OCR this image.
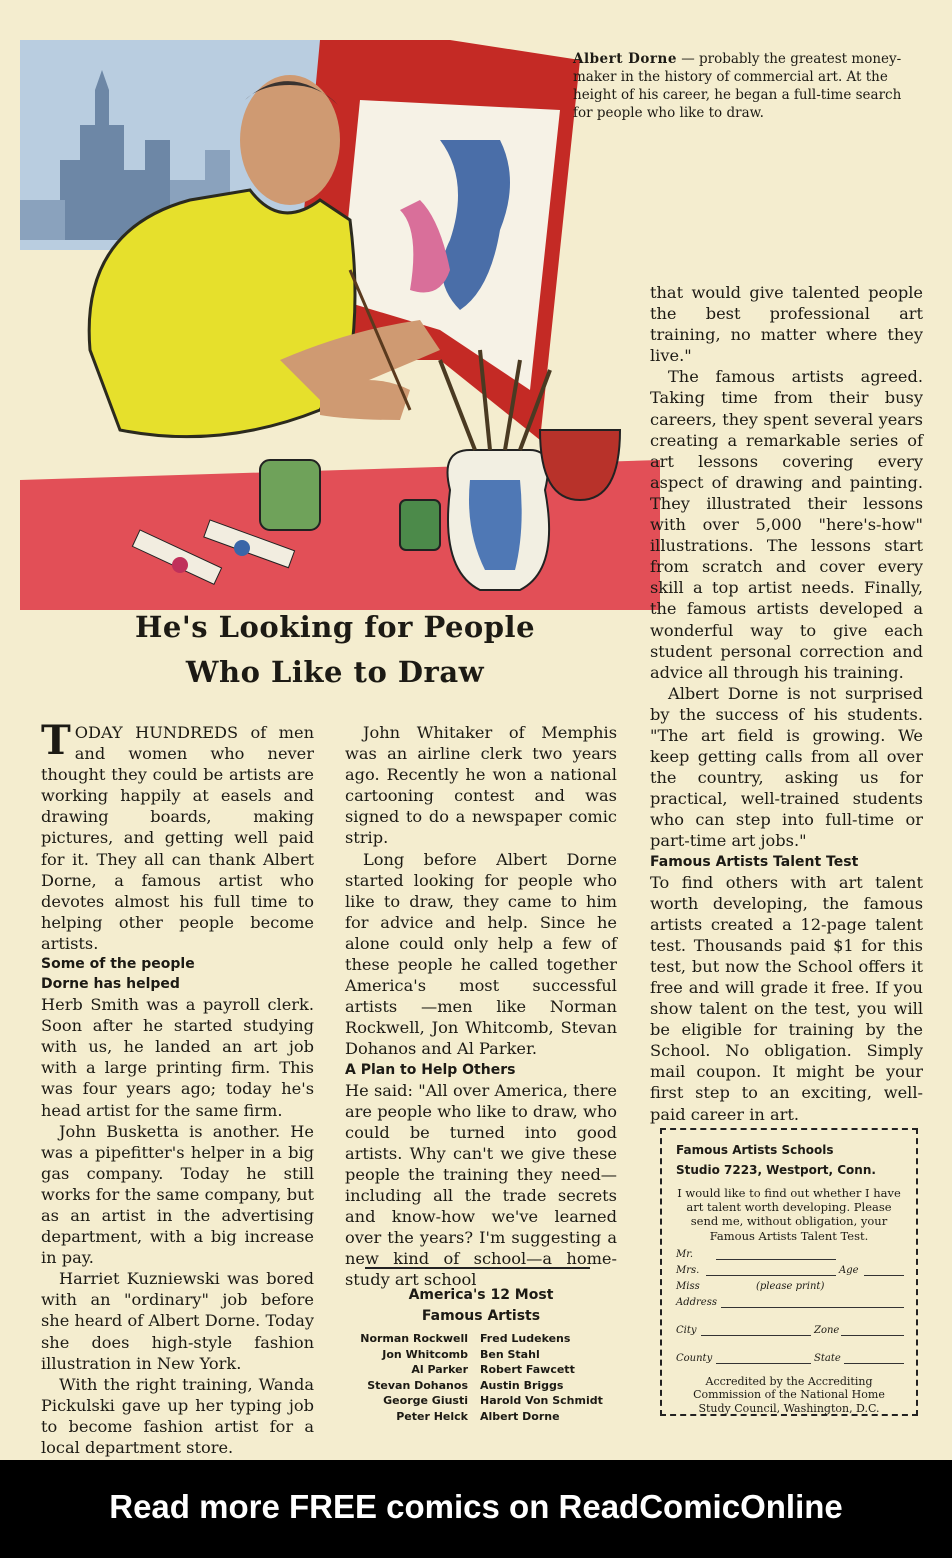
Albert Dorne — probably the greatest money-maker in the history of commercial art. At the height of his career, he began a full-time search for people who like to draw.
He's Looking for People
Who Like to Draw

TODAY HUNDREDS of men and women who never thought they could be artists are working happily at easels and drawing boards, making pictures, and getting well paid for it. They all can thank Albert Dorne, a famous artist who devotes almost his full time to helping other people become artists.

Some of the people

Dorne has helped

Herb Smith was a payroll clerk. Soon after he started studying with us, he landed an art job with a large printing firm. This was four years ago; today he's head artist for the same firm.

John Busketta is another. He was a pipefitter's helper in a big gas company. Today he still works for the same company, but as an artist in the advertising department, with a big increase in pay.

Harriet Kuzniewski was bored with an "ordinary" job before she heard of Albert Dorne. Today she does high-style fashion illustration in New York.

With the right training, Wanda Pickulski gave up her typing job to become fashion artist for a local department store.

John Whitaker of Memphis was an airline clerk two years ago. Recently he won a national cartooning contest and was signed to do a newspaper comic strip.

Long before Albert Dorne started looking for people who like to draw, they came to him for advice and help. Since he alone could only help a few of these people he called together America's most successful artists —men like Norman Rockwell, Jon Whitcomb, Stevan Dohanos and Al Parker.

A Plan to Help Others

He said: "All over America, there are people who like to draw, who could be turned into good artists. Why can't we give these people the training they need—including all the trade secrets and know-how we've learned over the years? I'm suggesting a new kind of school—a home-study art school

that would give talented people the best professional art training, no matter where they live."

The famous artists agreed. Taking time from their busy careers, they spent several years creating a remarkable series of art lessons covering every aspect of drawing and painting. They illustrated their lessons with over 5,000 "here's-how" illustrations. The lessons start from scratch and cover every skill a top artist needs. Finally, the famous artists developed a wonderful way to give each student personal correction and advice all through his training.

Albert Dorne is not surprised by the success of his students. "The art field is growing. We keep getting calls from all over the country, asking us for practical, well-trained students who can step into full-time or part-time art jobs."

Famous Artists Talent Test

To find others with art talent worth developing, the famous artists created a 12-page talent test. Thousands paid $1 for this test, but now the School offers it free and will grade it free. If you show talent on the test, you will be eligible for training by the School. No obligation. Simply mail coupon. It might be your first step to an exciting, well-paid career in art.

America's 12 Most
Famous Artists
Norman Rockwell	Fred Ludekens
Jon Whitcomb	Ben Stahl
Al Parker	Robert Fawcett
Stevan Dohanos	Austin Briggs
George Giusti	Harold Von Schmidt
Peter Helck	Albert Dorne
Famous Artists Schools
Studio 7223, Westport, Conn.
I would like to find out whether I have art talent worth developing. Please send me, without obligation, your Famous Artists Talent Test.
Mr.
Mrs.	Age
Miss	(please print)
Address
City	Zone
County	State
Accredited by the Accrediting Commission of the National Home Study Council, Washington, D.C.
Read more FREE comics on ReadComicOnline
